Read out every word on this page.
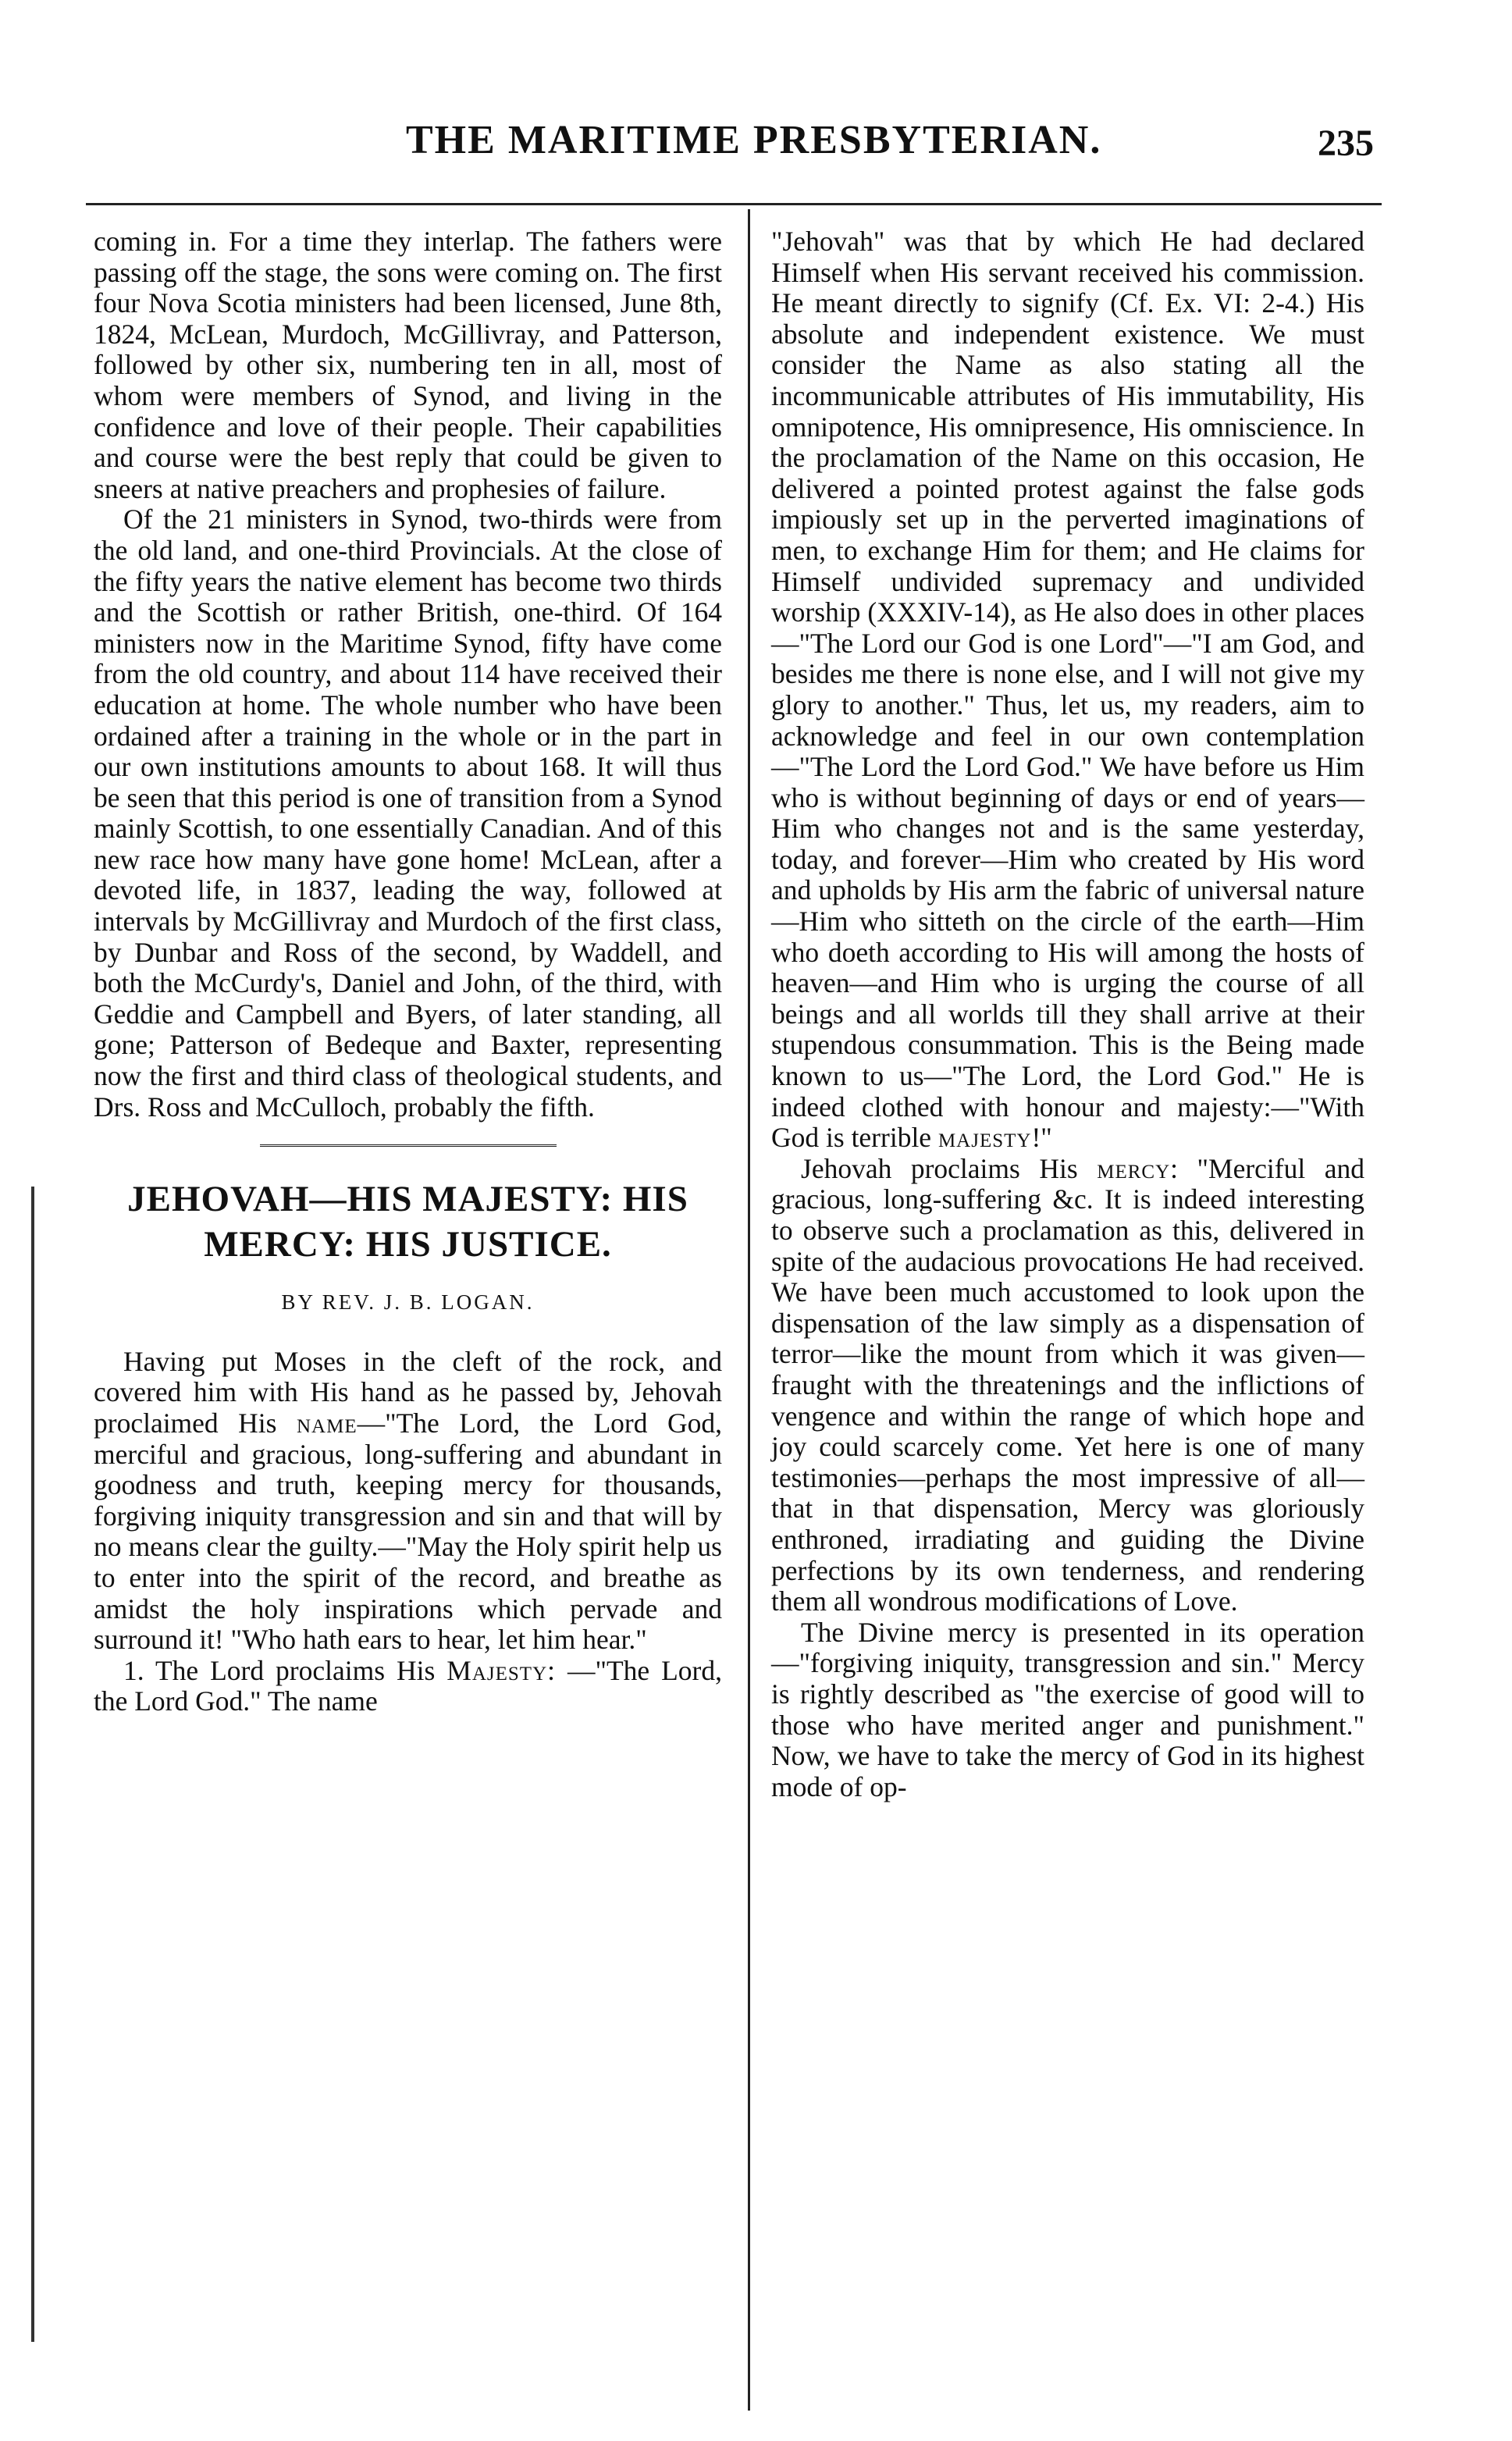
THE MARITIME PRESBYTERIAN.	235

coming in. For a time they interlap. The fathers were passing off the stage, the sons were coming on. The first four Nova Scotia ministers had been licensed, June 8th, 1824, McLean, Murdoch, McGillivray, and Patterson, followed by other six, numbering ten in all, most of whom were members of Synod, and living in the confidence and love of their people. Their capabilities and course were the best reply that could be given to sneers at native preachers and prophesies of failure.

Of the 21 ministers in Synod, two-thirds were from the old land, and one-third Provincials. At the close of the fifty years the native element has become two thirds and the Scottish or rather British, one-third. Of 164 ministers now in the Maritime Synod, fifty have come from the old country, and about 114 have received their education at home. The whole number who have been ordained after a training in the whole or in the part in our own institutions amounts to about 168. It will thus be seen that this period is one of transition from a Synod mainly Scottish, to one essentially Canadian. And of this new race how many have gone home! McLean, after a devoted life, in 1837, leading the way, followed at intervals by McGillivray and Murdoch of the first class, by Dunbar and Ross of the second, by Waddell, and both the McCurdy's, Daniel and John, of the third, with Geddie and Campbell and Byers, of later standing, all gone; Patterson of Bedeque and Baxter, representing now the first and third class of theological students, and Drs. Ross and McCulloch, probably the fifth.

JEHOVAH—HIS MAJESTY: HIS
MERCY: HIS JUSTICE.
BY REV. J. B. LOGAN.

Having put Moses in the cleft of the rock, and covered him with His hand as he passed by, Jehovah proclaimed His name—"The Lord, the Lord God, merciful and gracious, long-suffering and abundant in goodness and truth, keeping mercy for thousands, forgiving iniquity transgression and sin and that will by no means clear the guilty.—"May the Holy spirit help us to enter into the spirit of the record, and breathe as amidst the holy inspirations which pervade and surround it! "Who hath ears to hear, let him hear."

1. The Lord proclaims His Majesty: —"The Lord, the Lord God." The name

"Jehovah" was that by which He had declared Himself when His servant received his commission. He meant directly to signify (Cf. Ex. VI: 2-4.) His absolute and independent existence. We must consider the Name as also stating all the incommunicable attributes of His immutability, His omnipotence, His omnipresence, His omniscience. In the proclamation of the Name on this occasion, He delivered a pointed protest against the false gods impiously set up in the perverted imaginations of men, to exchange Him for them; and He claims for Himself undivided supremacy and undivided worship (XXXIV-14), as He also does in other places—"The Lord our God is one Lord"—"I am God, and besides me there is none else, and I will not give my glory to another." Thus, let us, my readers, aim to acknowledge and feel in our own contemplation—"The Lord the Lord God." We have before us Him who is without beginning of days or end of years—Him who changes not and is the same yesterday, today, and forever—Him who created by His word and upholds by His arm the fabric of universal nature—Him who sitteth on the circle of the earth—Him who doeth according to His will among the hosts of heaven—and Him who is urging the course of all beings and all worlds till they shall arrive at their stupendous consummation. This is the Being made known to us—"The Lord, the Lord God." He is indeed clothed with honour and majesty:—"With God is terrible majesty!"

Jehovah proclaims His mercy: "Merciful and gracious, long-suffering &c. It is indeed interesting to observe such a proclamation as this, delivered in spite of the audacious provocations He had received. We have been much accustomed to look upon the dispensation of the law simply as a dispensation of terror—like the mount from which it was given—fraught with the threatenings and the inflictions of vengence and within the range of which hope and joy could scarcely come. Yet here is one of many testimonies—perhaps the most impressive of all—that in that dispensation, Mercy was gloriously enthroned, irradiating and guiding the Divine perfections by its own tenderness, and rendering them all wondrous modifications of Love.

The Divine mercy is presented in its operation—"forgiving iniquity, transgression and sin." Mercy is rightly described as "the exercise of good will to those who have merited anger and punishment." Now, we have to take the mercy of God in its highest mode of op-
